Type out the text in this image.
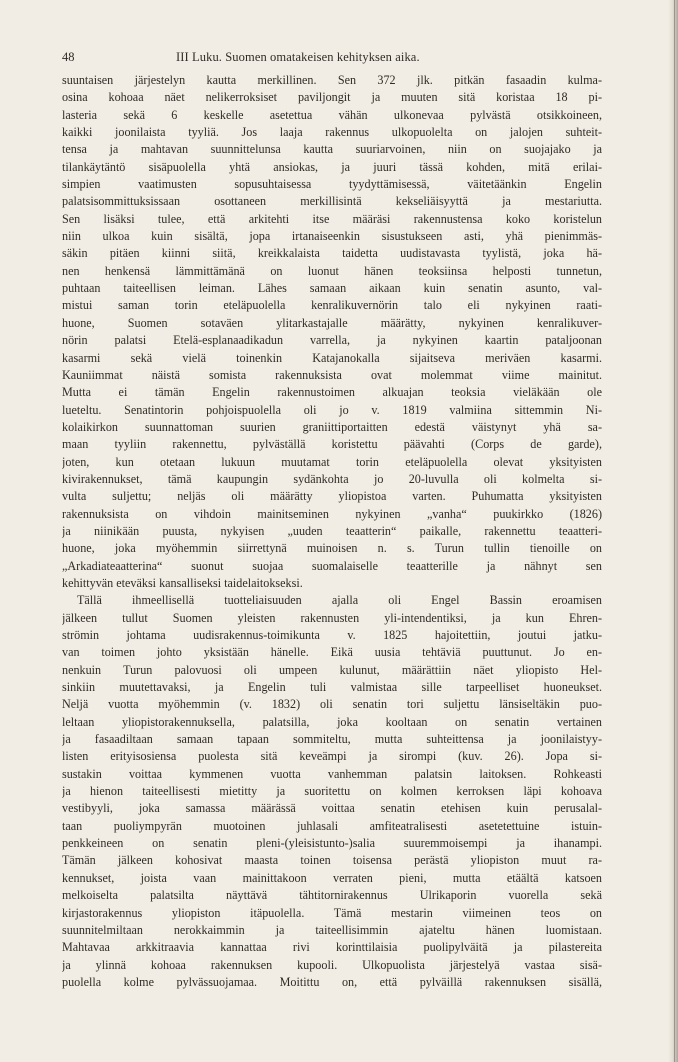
48	III Luku. Suomen omatakeisen kehityksen aika.
suuntaisen järjestelyn kautta merkillinen. Sen 372 jlk. pitkän fasaadin kulma-
osina kohoaa näet nelikerroksiset paviljongit ja muuten sitä koristaa 18 pi-
lasteria sekä 6 keskelle asetettua vähän ulkonevaa pylvästä otsikkoineen,
kaikki joonilaista tyyliä. Jos laaja rakennus ulkopuolelta on jalojen suhteit-
tensa ja mahtavan suunnittelunsa kautta suuriarvoinen, niin on suojajako ja
tilankäytäntö sisäpuolella yhtä ansiokas, ja juuri tässä kohden, mitä erilai-
simpien vaatimusten sopusuhtaisessa tyydyttämisessä, väitetäänkin Engelin
palatsisommittuksissaan osottaneen merkillisintä kekseliäisyyttä ja mestariutta.
Sen lisäksi tulee, että arkitehti itse määräsi rakennustensa koko koristelun
niin ulkoa kuin sisältä, jopa irtanaiseenkin sisustukseen asti, yhä pienimmäs-
säkin pitäen kiinni siitä, kreikkalaista taidetta uudistavasta tyylistä, joka hä-
nen henkensä lämmittämänä on luonut hänen teoksiinsa helposti tunnetun,
puhtaan taiteellisen leiman. Lähes samaan aikaan kuin senatin asunto, val-
mistui saman torin eteläpuolella kenralikuvernörin talo eli nykyinen raati-
huone, Suomen sotaväen ylitarkastajalle määrätty, nykyinen kenralikuver-
nörin palatsi Etelä-esplanaadikadun varrella, ja nykyinen kaartin pataljoonan
kasarmi sekä vielä toinenkin Katajanokalla sijaitseva meriväen kasarmi.
Kauniimmat näistä somista rakennuksista ovat molemmat viime mainitut.
Mutta ei tämän Engelin rakennustoimen alkuajan teoksia vieläkään ole
lueteltu. Senatintorin pohjoispuolella oli jo v. 1819 valmiina sittemmin Ni-
kolaikirkon suunnattoman suurien graniittiportaitten edestä väistynyt yhä sa-
maan tyyliin rakennettu, pylväställä koristettu päävahti (Corps de garde),
joten, kun otetaan lukuun muutamat torin eteläpuolella olevat yksityisten
kivirakennukset, tämä kaupungin sydänkohta jo 20-luvulla oli kolmelta si-
vulta suljettu; neljäs oli määrätty yliopistoa varten. Puhumatta yksityisten
rakennuksista on vihdoin mainitseminen nykyinen „vanha“ puukirkko (1826)
ja niinikään puusta, nykyisen „uuden teaatterin“ paikalle, rakennettu teaatteri-
huone, joka myöhemmin siirrettynä muinoisen n. s. Turun tullin tienoille on
„Arkadiateaatterina“ suonut suojaa suomalaiselle teaatterille ja nähnyt sen
kehittyvän eteväksi kansalliseksi taidelaitokseksi.
Tällä ihmeellisellä tuotteliaisuuden ajalla oli Engel Bassin eroamisen
jälkeen tullut Suomen yleisten rakennusten yli-intendentiksi, ja kun Ehren-
strömin johtama uudisrakennus-toimikunta v. 1825 hajoitettiin, joutui jatku-
van toimen johto yksistään hänelle. Eikä uusia tehtäviä puuttunut. Jo en-
nenkuin Turun palovuosi oli umpeen kulunut, määrättiin näet yliopisto Hel-
sinkiin muutettavaksi, ja Engelin tuli valmistaa sille tarpeelliset huoneukset.
Neljä vuotta myöhemmin (v. 1832) oli senatin tori suljettu länsiseltäkin puo-
leltaan yliopistorakennuksella, palatsilla, joka kooltaan on senatin vertainen
ja fasaadiltaan samaan tapaan sommiteltu, mutta suhteittensa ja joonilaistyy-
listen erityisosiensa puolesta sitä keveämpi ja sirompi (kuv. 26). Jopa si-
sustakin voittaa kymmenen vuotta vanhemman palatsin laitoksen. Rohkeasti
ja hienon taiteellisesti mietitty ja suoritettu on kolmen kerroksen läpi kohoava
vestibyyli, joka samassa määrässä voittaa senatin etehisen kuin perusalal-
taan puoliympyrän muotoinen juhlasali amfiteatralisesti asetetettuine istuin-
penkkeineen on senatin pleni-(yleisistunto-)salia suuremmoisempi ja ihanampi.
Tämän jälkeen kohosivat maasta toinen toisensa perästä yliopiston muut ra-
kennukset, joista vaan mainittakoon verraten pieni, mutta etäältä katsoen
melkoiselta palatsilta näyttävä tähtitornirakennus Ulrikaporin vuorella sekä
kirjastorakennus yliopiston itäpuolella. Tämä mestarin viimeinen teos on
suunnitelmiltaan nerokkaimmin ja taiteellisimmin ajateltu hänen luomistaan.
Mahtavaa arkkitraavia kannattaa rivi korinttilaisia puolipylväitä ja pilastereita
ja ylinnä kohoaa rakennuksen kupooli. Ulkopuolista järjestelyä vastaa sisä-
puolella kolme pylvässuojamaa. Moitittu on, että pylväillä rakennuksen sisällä,
